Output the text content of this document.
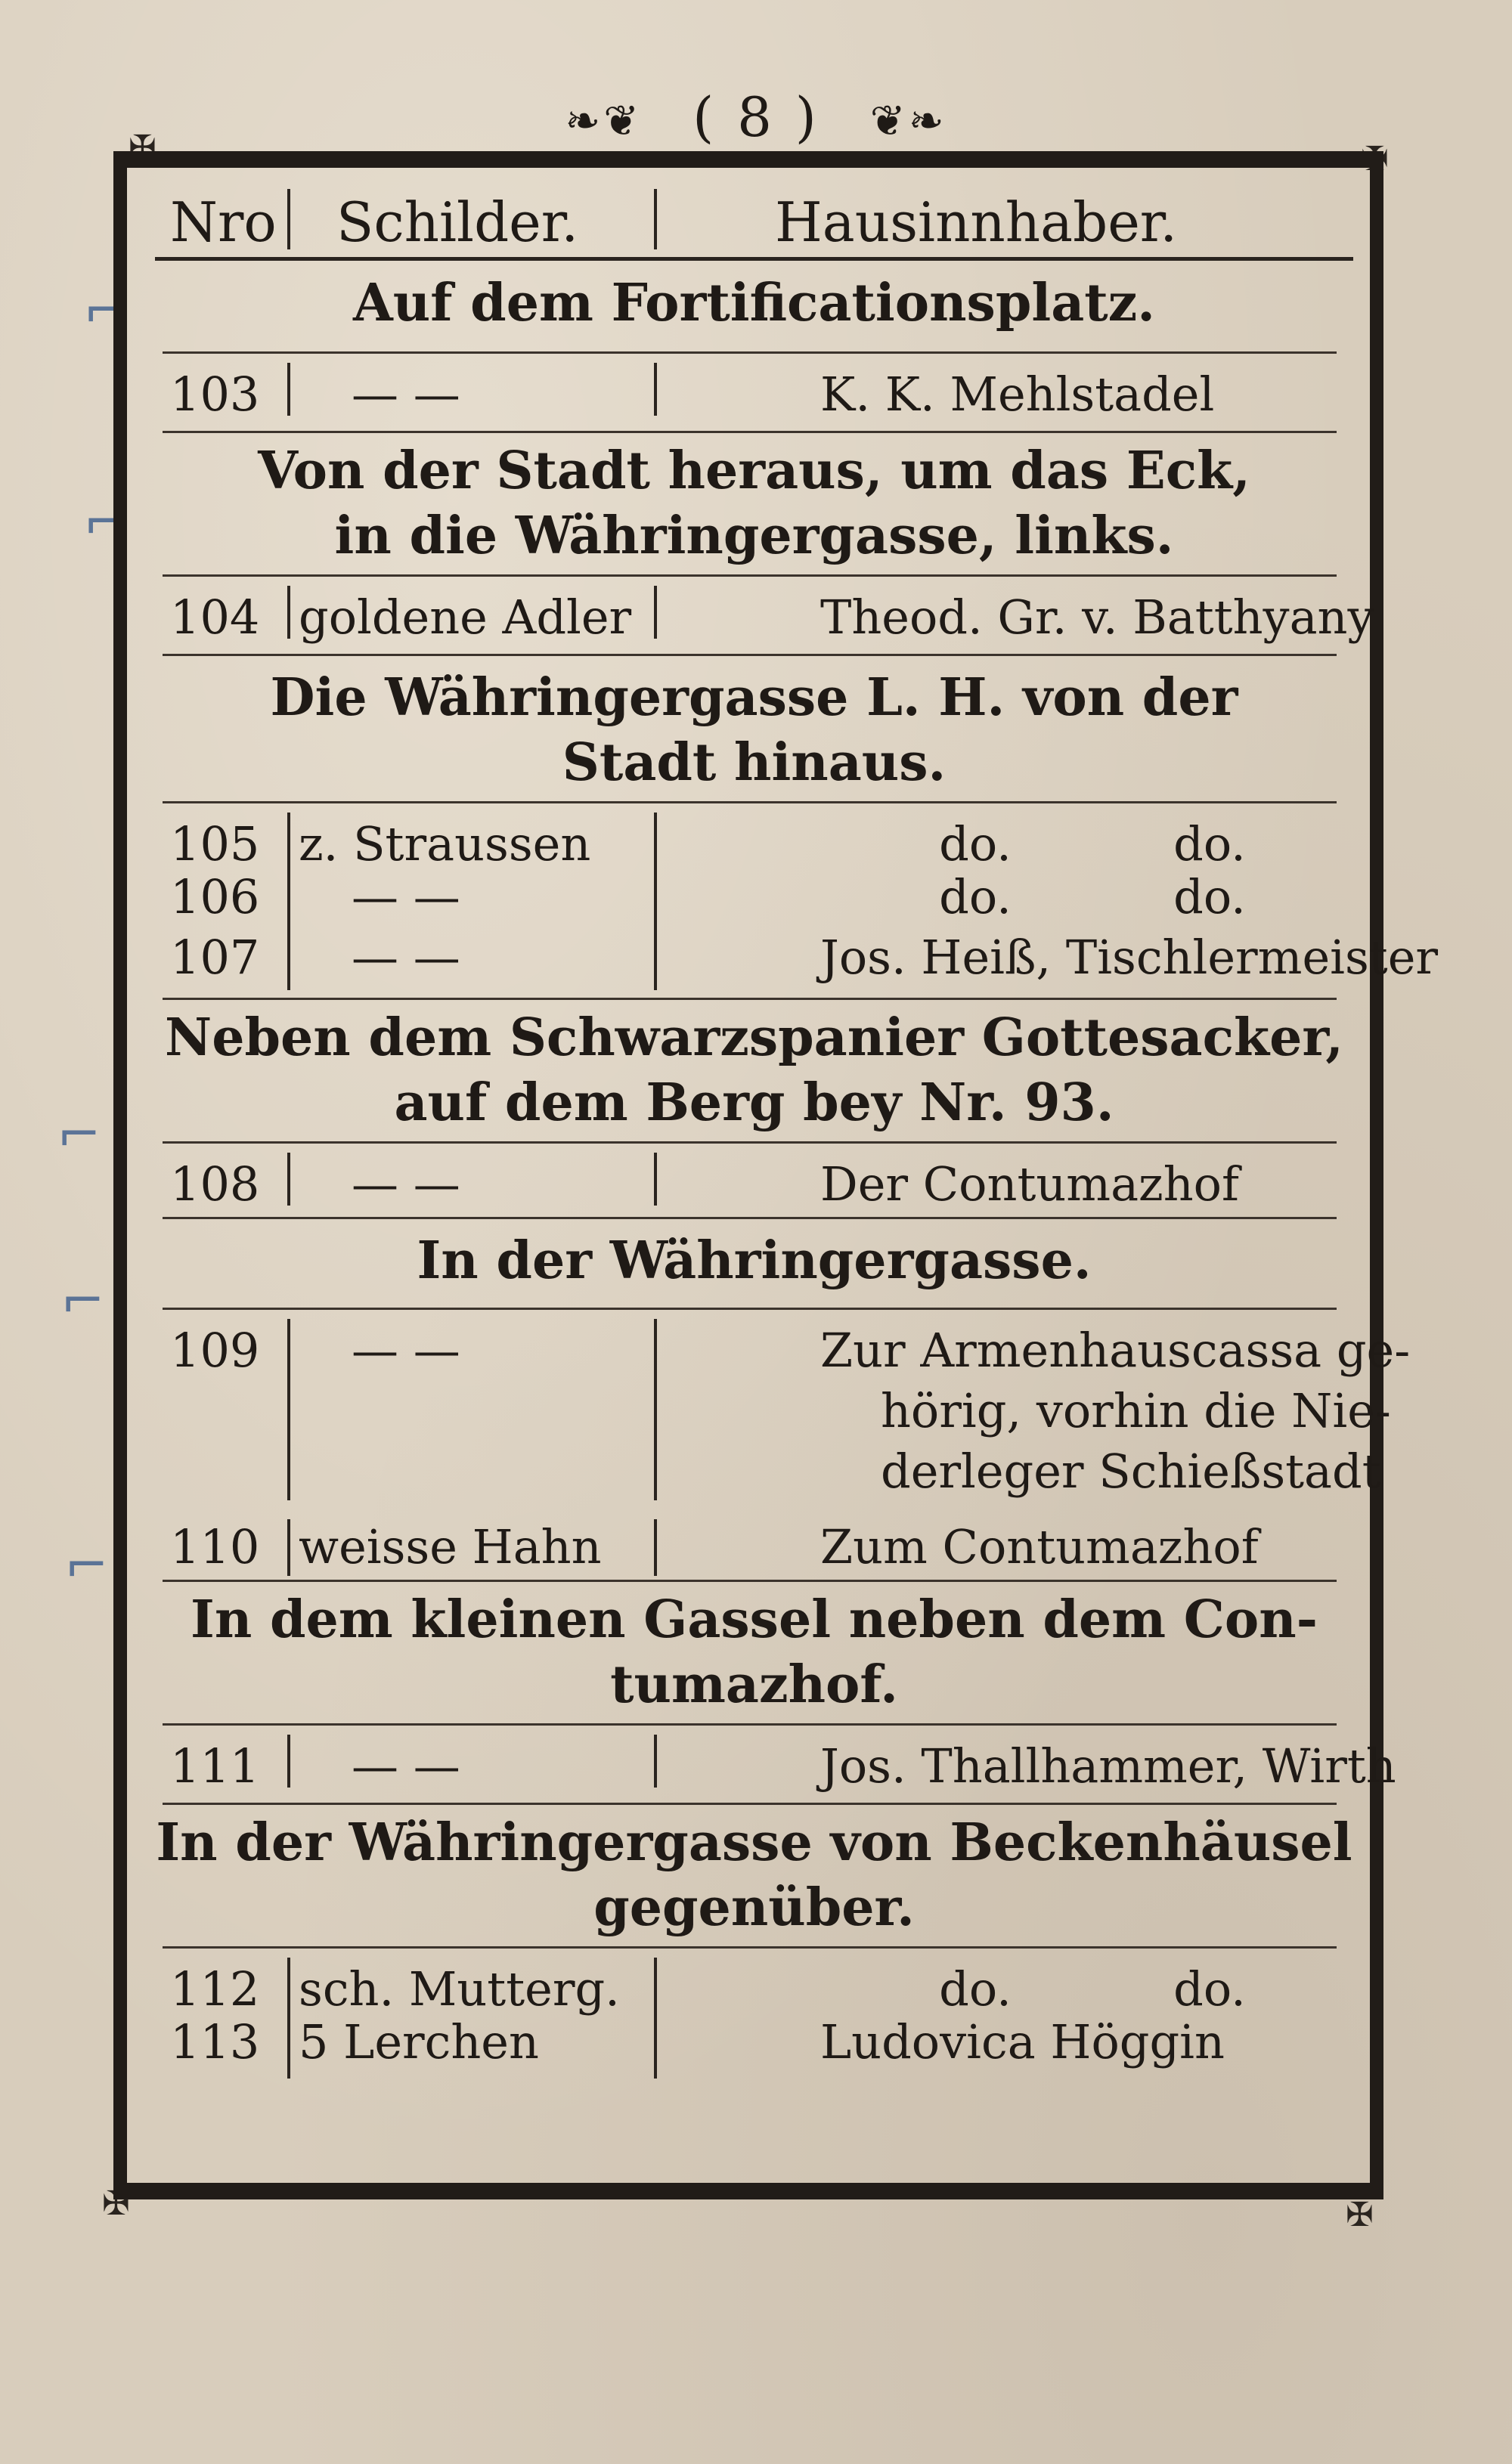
❧❦ ( 8 ) ❦❧
✠	✠
✠	✠
⌐
⌐
⌐
⌐
⌐
Nro Schilder.	Hausinnhaber.
Auf dem Fortificationsplatz.
103	— —	K. K. Mehlstadel
Von der Stadt heraus, um das Eck,
in die Währingergasse, links.
104 goldene Adler	Theod. Gr. v. Batthyany
Die Währingergasse L. H. von der
Stadt hinaus.
105 z. Straussen	do.	do.
106	— —	do.	do.
107	— —	Jos. Heiß, Tischlermeister
Neben dem Schwarzspanier Gottesacker,
auf dem Berg bey Nr. 93.
108	— —	Der Contumazhof
In der Währingergasse.
109	— —	Zur Armenhauscassa ge-
hörig, vorhin die Nie-
derleger Schießstadt
110 weisse Hahn	Zum Contumazhof
In dem kleinen Gassel neben dem Con-
tumazhof.
111	— —	Jos. Thallhammer, Wirth
In der Währingergasse von Beckenhäusel
gegenüber.
112 sch. Mutterg.	do.	do.
113 5 Lerchen	Ludovica Höggin
